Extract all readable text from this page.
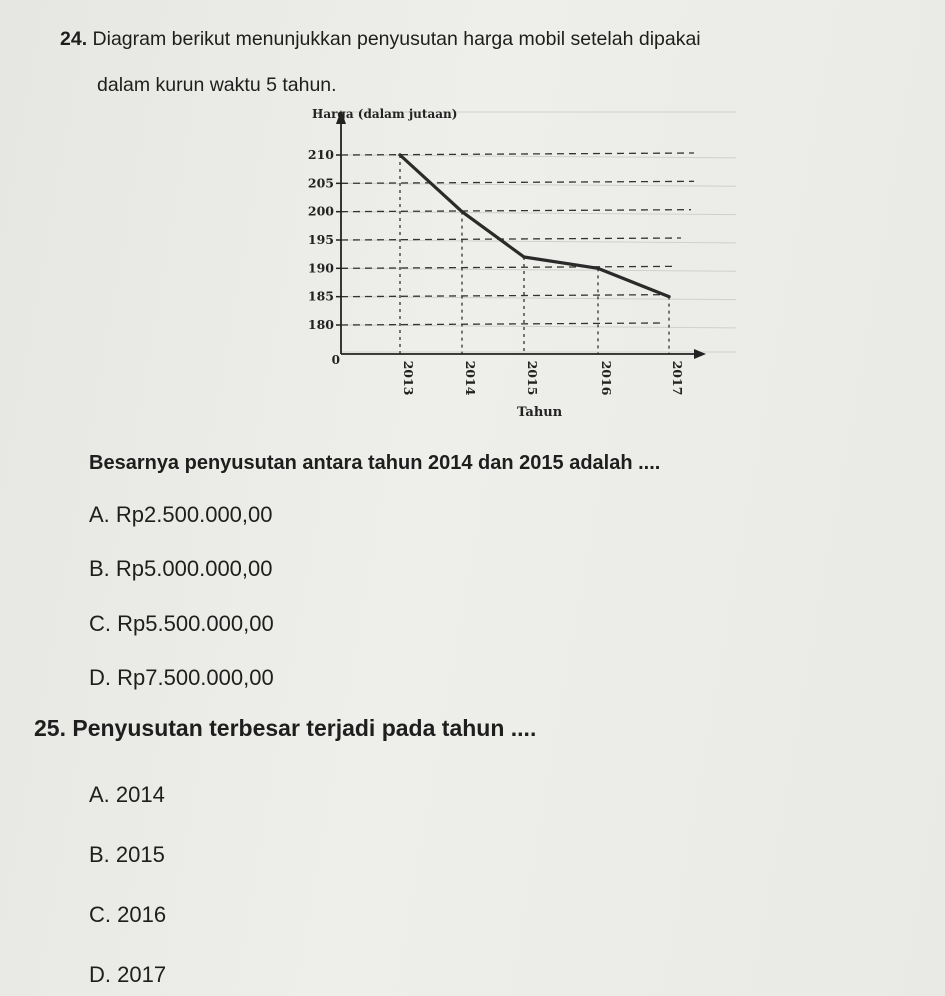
24. Diagram berikut menunjukkan penyusutan harga mobil setelah dipakai
dalam kurun waktu 5 tahun.
180
185
190
195
200
205
210
Harga (dalam jutaan)
Tahun
0
2013	2014	2015	2016	2017
Besarnya penyusutan antara tahun 2014 dan 2015 adalah ....
A. Rp2.500.000,00
B. Rp5.000.000,00
C. Rp5.500.000,00
D. Rp7.500.000,00
25. Penyusutan terbesar terjadi pada tahun ....
A. 2014
B. 2015
C. 2016
D. 2017
